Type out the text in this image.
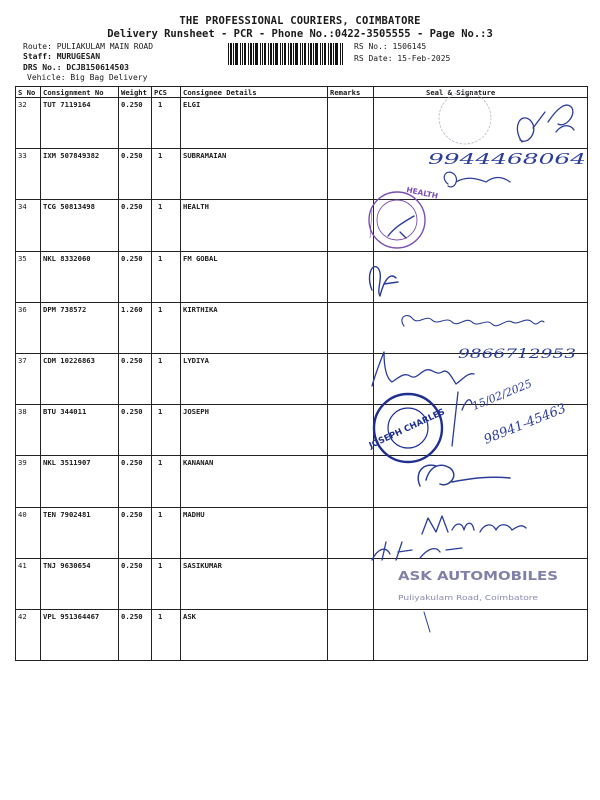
THE PROFESSIONAL COURIERS, COIMBATORE
Delivery Runsheet - PCR - Phone No.:0422-3505555 - Page No.:3
Route: PULIAKULAM MAIN ROAD
Staff: MURUGESAN
DRS No.: DCJB150614503
Vehicle: Big Bag Delivery
RS No.: 1506145
RS Date: 15-Feb-2025
S No	Consignment No	Weight	PCS	Consignee Details	Remarks	Seal & Signature
32	TUT 7119164	0.250	1	ELGI		
33	IXM 507849382	0.250	1	SUBRAMAIAN		
34	TCG 50813498	0.250	1	HEALTH		
35	NKL 8332060	0.250	1	FM GOBAL		
36	DPM 738572	1.260	1	KIRTHIKA		
37	CDM 10226863	0.250	1	LYDIYA		
38	BTU 344011	0.250	1	JOSEPH		
39	NKL 3511907	0.250	1	KANANAN		
40	TEN 7902481	0.250	1	MADHU		
41	TNJ 9630654	0.250	1	SASIKUMAR		
42	VPL 951364467	0.250	1	ASK		
9944468064
HEALTH
9866712953
JOSEPH CHARLES
15/02/2025
98941-45463
ASK AUTOMOBILES
Puliyakulam Road, Coimbatore
